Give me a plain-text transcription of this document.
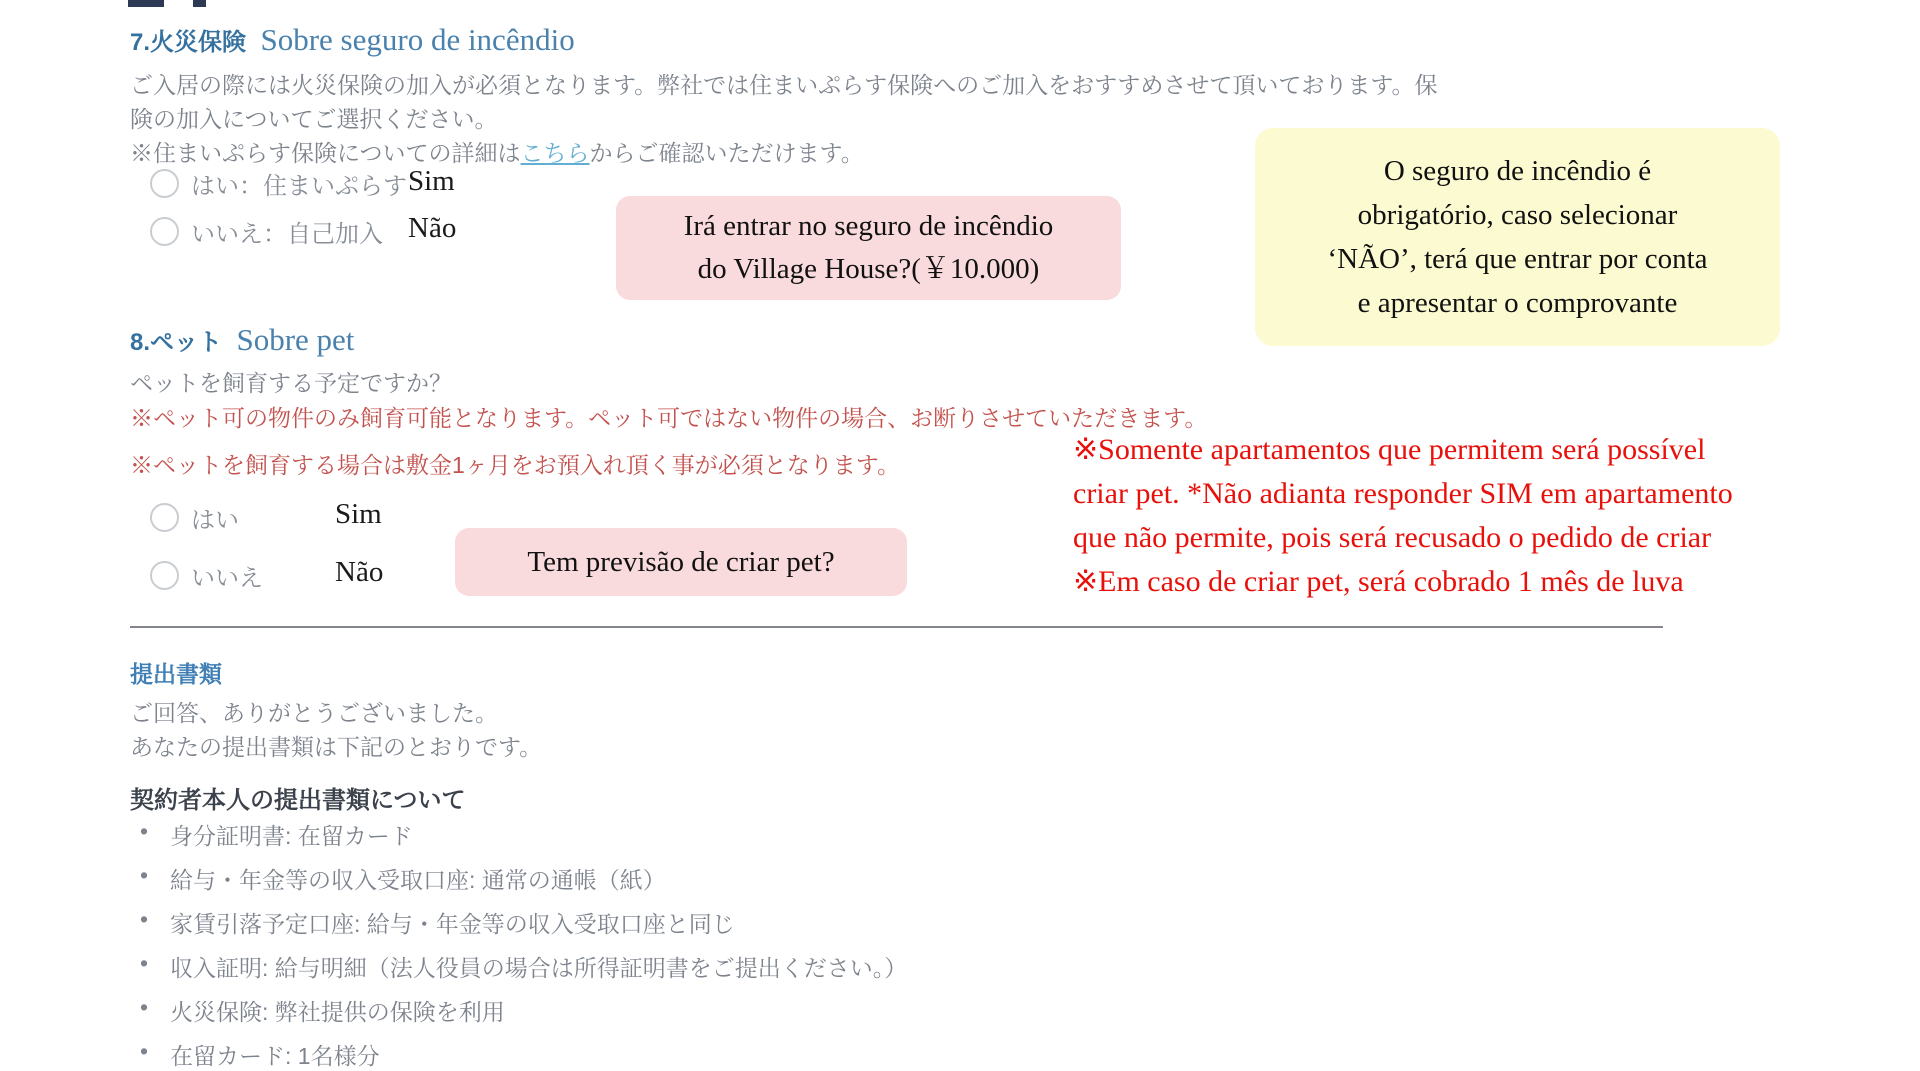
7.火災保険 Sobre seguro de incêndio
ご入居の際には火災保険の加入が必須となります。弊社では住まいぷらす保険へのご加入をおすすめさせて頂いております。保
険の加入についてご選択ください。
※住まいぷらす保険についての詳細はこちらからご確認いただけます。
はい：住まいぷらす Sim
いいえ：自己加入 Não	Irá entrar no seguro de incêndio
do Village House?(￥10.000)
O seguro de incêndio é
obrigatório, caso selecionar
‘NÃO’, terá que entrar por conta
e apresentar o comprovante
8.ペット Sobre pet
ペットを飼育する予定ですか？
※ペット可の物件のみ飼育可能となります。ペット可ではない物件の場合、お断りさせていただきます。
※ペットを飼育する場合は敷金1ヶ月をお預入れ頂く事が必須となります。	※Somente apartamentos que permitem será possível
criar pet. *Não adianta responder SIM em apartamento
que não permite, pois será recusado o pedido de criar
※Em caso de criar pet, será cobrado 1 mês de luva
はい	Sim
いいえ Não	Tem previsão de criar pet?
提出書類
ご回答、ありがとうございました。
あなたの提出書類は下記のとおりです。
契約者本人の提出書類について
• 身分証明書: 在留カード
• 給与・年金等の収入受取口座: 通常の通帳（紙）
• 家賃引落予定口座: 給与・年金等の収入受取口座と同じ
• 収入証明: 給与明細（法人役員の場合は所得証明書をご提出ください。）
• 火災保険: 弊社提供の保険を利用
• 在留カード: 1名様分
